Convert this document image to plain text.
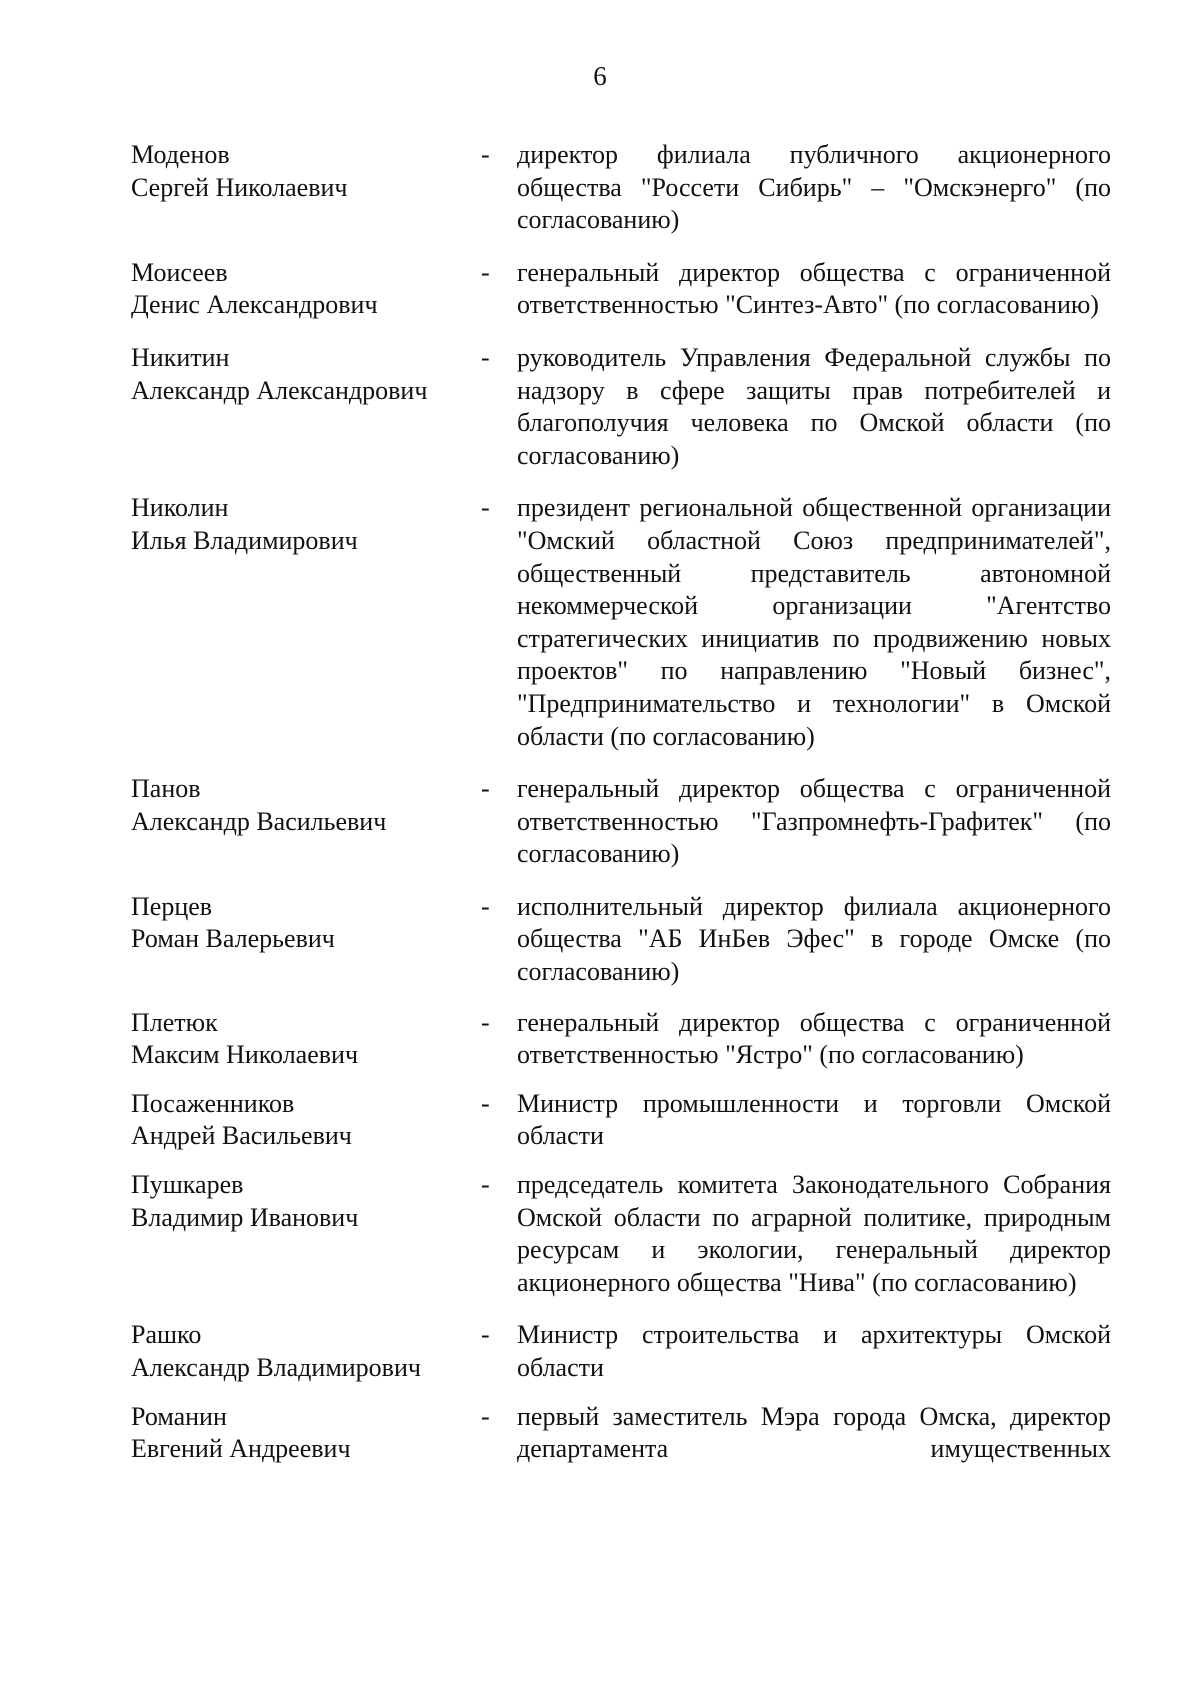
6
Моденов
Сергей Николаевич
-	директор филиала публичного акционерного общества "Россети Сибирь" – "Омскэнерго" (по согласованию)
Моисеев
Денис Александрович
-	генеральный директор общества с ограниченной ответственностью "Синтез-Авто" (по согласованию)
Никитин
Александр Александрович
-	руководитель Управления Федеральной службы по надзору в сфере защиты прав потребителей и благополучия человека по Омской области (по согласованию)
Николин
Илья Владимирович
-	президент региональной общественной организации "Омский областной Союз предпринимателей", общественный представитель автономной некоммерческой организации "Агентство стратегических инициатив по продвижению новых проектов" по направлению "Новый бизнес", "Предпринимательство и технологии" в Омской области (по согласованию)
Панов
Александр Васильевич
-	генеральный директор общества с ограниченной ответственностью "Газпромнефть-Графитек" (по согласованию)
Перцев
Роман Валерьевич
-	исполнительный директор филиала акционерного общества "АБ ИнБев Эфес" в городе Омске (по согласованию)
Плетюк
Максим Николаевич
-	генеральный директор общества с ограниченной ответственностью "Ястро" (по согласованию)
Посаженников
Андрей Васильевич
-	Министр промышленности и торговли Омской области
Пушкарев
Владимир Иванович
-	председатель комитета Законодательного Собрания Омской области по аграрной политике, природным ресурсам и экологии, генеральный директор акционерного общества "Нива" (по согласованию)
Рашко
Александр Владимирович
-	Министр строительства и архитектуры Омской области
Романин
Евгений Андреевич
-	первый заместитель Мэра города Омска, директор департамента имущественных
